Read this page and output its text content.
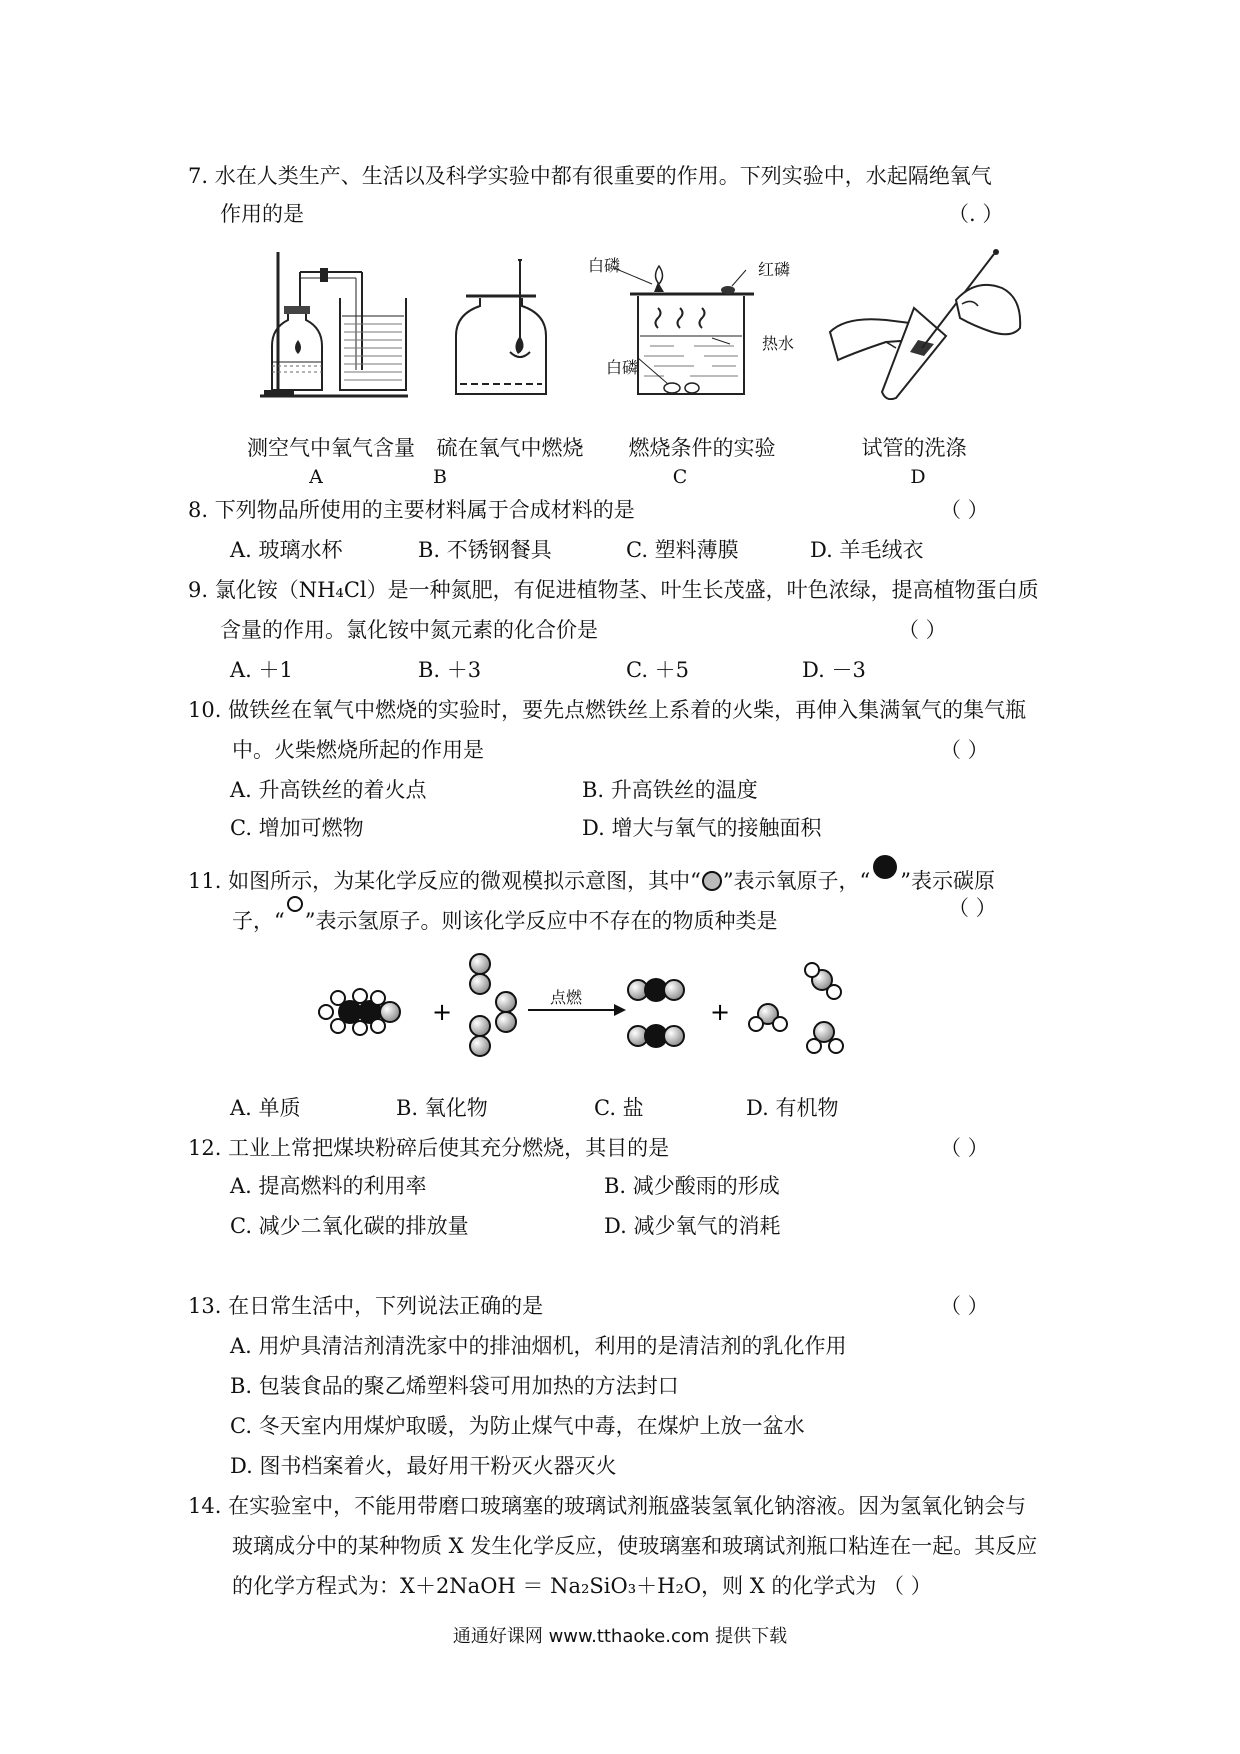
7. 水在人类生产、生活以及科学实验中都有很重要的作用。下列实验中，水起隔绝氧气
作用的是	（. ）
白磷	红磷
热水
白磷
测空气中氧气含量
A
硫在氧气中燃烧
B
燃烧条件的实验
C
试管的洗涤
D
8. 下列物品所使用的主要材料属于合成材料的是	（ ）
A. 玻璃水杯	B. 不锈钢餐具	C. 塑料薄膜	D. 羊毛绒衣
9. 氯化铵（NH₄Cl）是一种氮肥，有促进植物茎、叶生长茂盛，叶色浓绿，提高植物蛋白质
含量的作用。氯化铵中氮元素的化合价是	（ ）
A. ＋1	B. ＋3	C. ＋5	D. －3
10. 做铁丝在氧气中燃烧的实验时，要先点燃铁丝上系着的火柴，再伸入集满氧气的集气瓶
中。火柴燃烧所起的作用是	（ ）
A. 升高铁丝的着火点	B. 升高铁丝的温度
C. 增加可燃物	D. 增大与氧气的接触面积
11. 如图所示，为某化学反应的微观模拟示意图，其中“ ”表示氧原子，“ ”表示碳原
子，“ ”表示氢原子。则该化学反应中不存在的物质种类是
（ ）
+	+
点燃
A. 单质	B. 氧化物	C. 盐	D. 有机物
12. 工业上常把煤块粉碎后使其充分燃烧，其目的是	（ ）
A. 提高燃料的利用率	B. 减少酸雨的形成
C. 减少二氧化碳的排放量	D. 减少氧气的消耗
13. 在日常生活中，下列说法正确的是	（ ）
A. 用炉具清洁剂清洗家中的排油烟机，利用的是清洁剂的乳化作用
B. 包装食品的聚乙烯塑料袋可用加热的方法封口
C. 冬天室内用煤炉取暖，为防止煤气中毒，在煤炉上放一盆水
D. 图书档案着火，最好用干粉灭火器灭火
14. 在实验室中，不能用带磨口玻璃塞的玻璃试剂瓶盛装氢氧化钠溶液。因为氢氧化钠会与
玻璃成分中的某种物质 X 发生化学反应，使玻璃塞和玻璃试剂瓶口粘连在一起。其反应
的化学方程式为：X＋2NaOH ＝ Na₂SiO₃＋H₂O，则 X 的化学式为 （ ）
通通好课网 www.tthaoke.com 提供下载
